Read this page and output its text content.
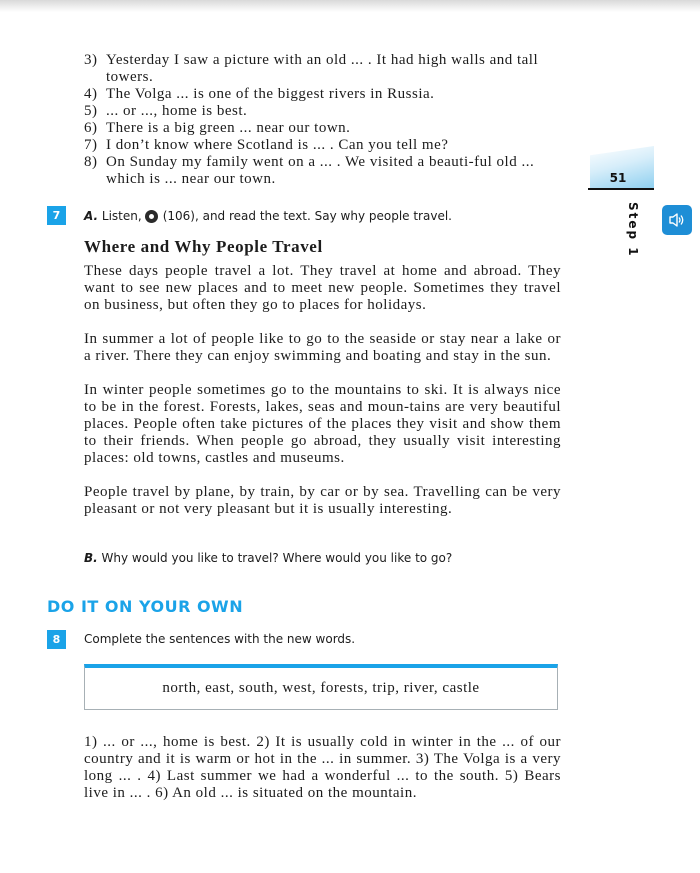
3) Yesterday I saw a picture with an old ... . It had high walls and tall towers.
4) The Volga ... is one of the biggest rivers in Russia.
5) ... or ..., home is best.
6) There is a big green ... near our town.
7) I don’t know where Scotland is ... . Can you tell me?
8) On Sunday my family went on a ... . We visited a beauti-ful old ... which is ... near our town.	51
Step 1
7	A. Listen, (106), and read the text. Say why people travel.
Where and Why People Travel

These days people travel a lot. They travel at home and abroad. They want to see new places and to meet new people. Sometimes they travel on business, but often they go to places for holidays.

In summer a lot of people like to go to the seaside or stay near a lake or a river. There they can enjoy swimming and boating and stay in the sun.

In winter people sometimes go to the mountains to ski. It is always nice to be in the forest. Forests, lakes, seas and moun-tains are very beautiful places. People often take pictures of the places they visit and show them to their friends. When people go abroad, they usually visit interesting places: old towns, castles and museums.

People travel by plane, by train, by car or by sea. Travelling can be very pleasant or not very pleasant but it is usually interesting.

B. Why would you like to travel? Where would you like to go?
DO IT ON YOUR OWN
8	Complete the sentences with the new words.
north, east, south, west, forests, trip, river, castle

1) ... or ..., home is best. 2) It is usually cold in winter in the ... of our country and it is warm or hot in the ... in summer. 3) The Volga is a very long ... . 4) Last summer we had a wonderful ... to the south. 5) Bears live in ... . 6) An old ... is situated on the mountain.
